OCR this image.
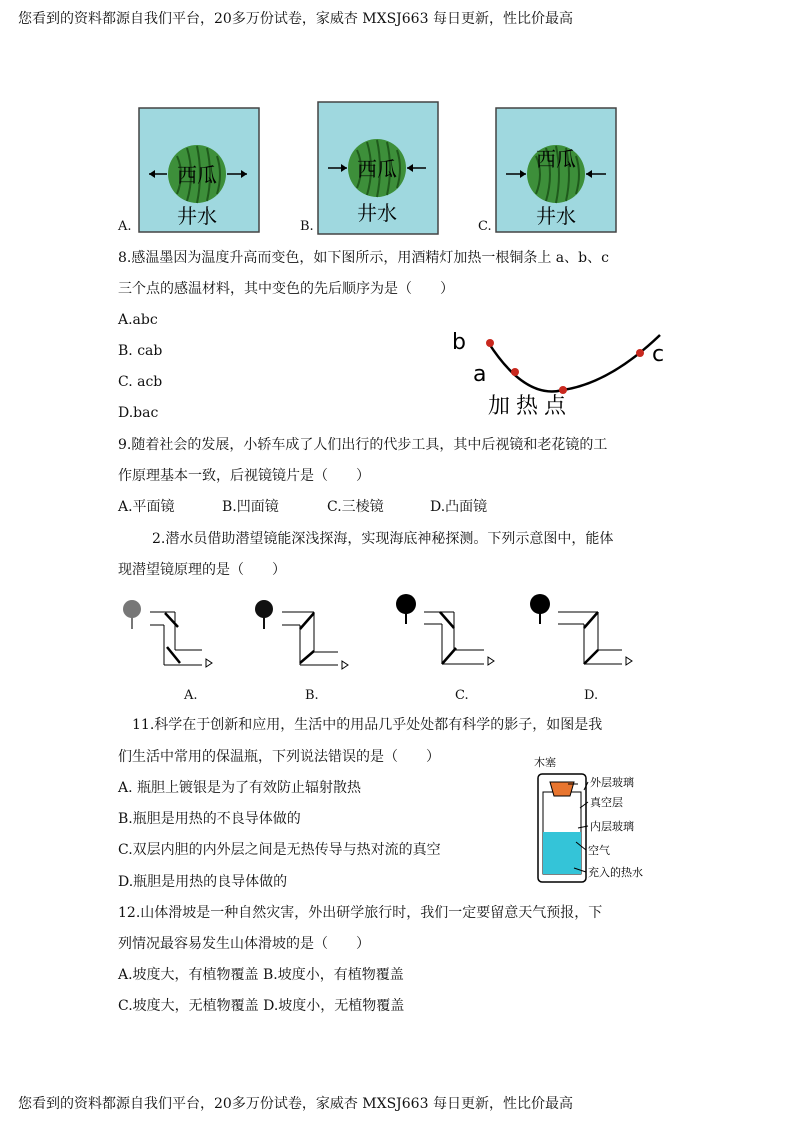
您看到的资料都源自我们平台，20多万份试卷，家威杏 MXSJ663 每日更新，性比价最高
您看到的资料都源自我们平台，20多万份试卷，家威杏 MXSJ663 每日更新，性比价最高
A.	B.	C.
西瓜
井水
西瓜
井水
西瓜
井水
8.感温墨因为温度升高而变色，如下图所示，用酒精灯加热一根铜条上 a、b、c
三个点的感温材料，其中变色的先后顺序为是（　　）
A.abc
B. cab
C. acb
D.bac
b
a
c
加热点
9.随着社会的发展，小轿车成了人们出行的代步工具，其中后视镜和老花镜的工
作原理基本一致，后视镜镜片是（　　）
A.平面镜	B.凹面镜	C.三棱镜	D.凸面镜
2.潜水员借助潜望镜能深浅探海，实现海底神秘探测。下列示意图中，能体
现潜望镜原理的是（　　）
A.	B.	C.	D.
11.科学在于创新和应用，生活中的用品几乎处处都有科学的影子，如图是我
们生活中常用的保温瓶，下列说法错误的是（　　）
A. 瓶胆上镀银是为了有效防止辐射散热
B.瓶胆是用热的不良导体做的
C.双层内胆的内外层之间是无热传导与热对流的真空
D.瓶胆是用热的良导体做的
木塞
外层玻璃
真空层
内层玻璃
空气
充入的热水
12.山体滑坡是一种自然灾害，外出研学旅行时，我们一定要留意天气预报，下
列情况最容易发生山体滑坡的是（　　）
A.坡度大，有植物覆盖 B.坡度小，有植物覆盖
C.坡度大，无植物覆盖 D.坡度小，无植物覆盖
